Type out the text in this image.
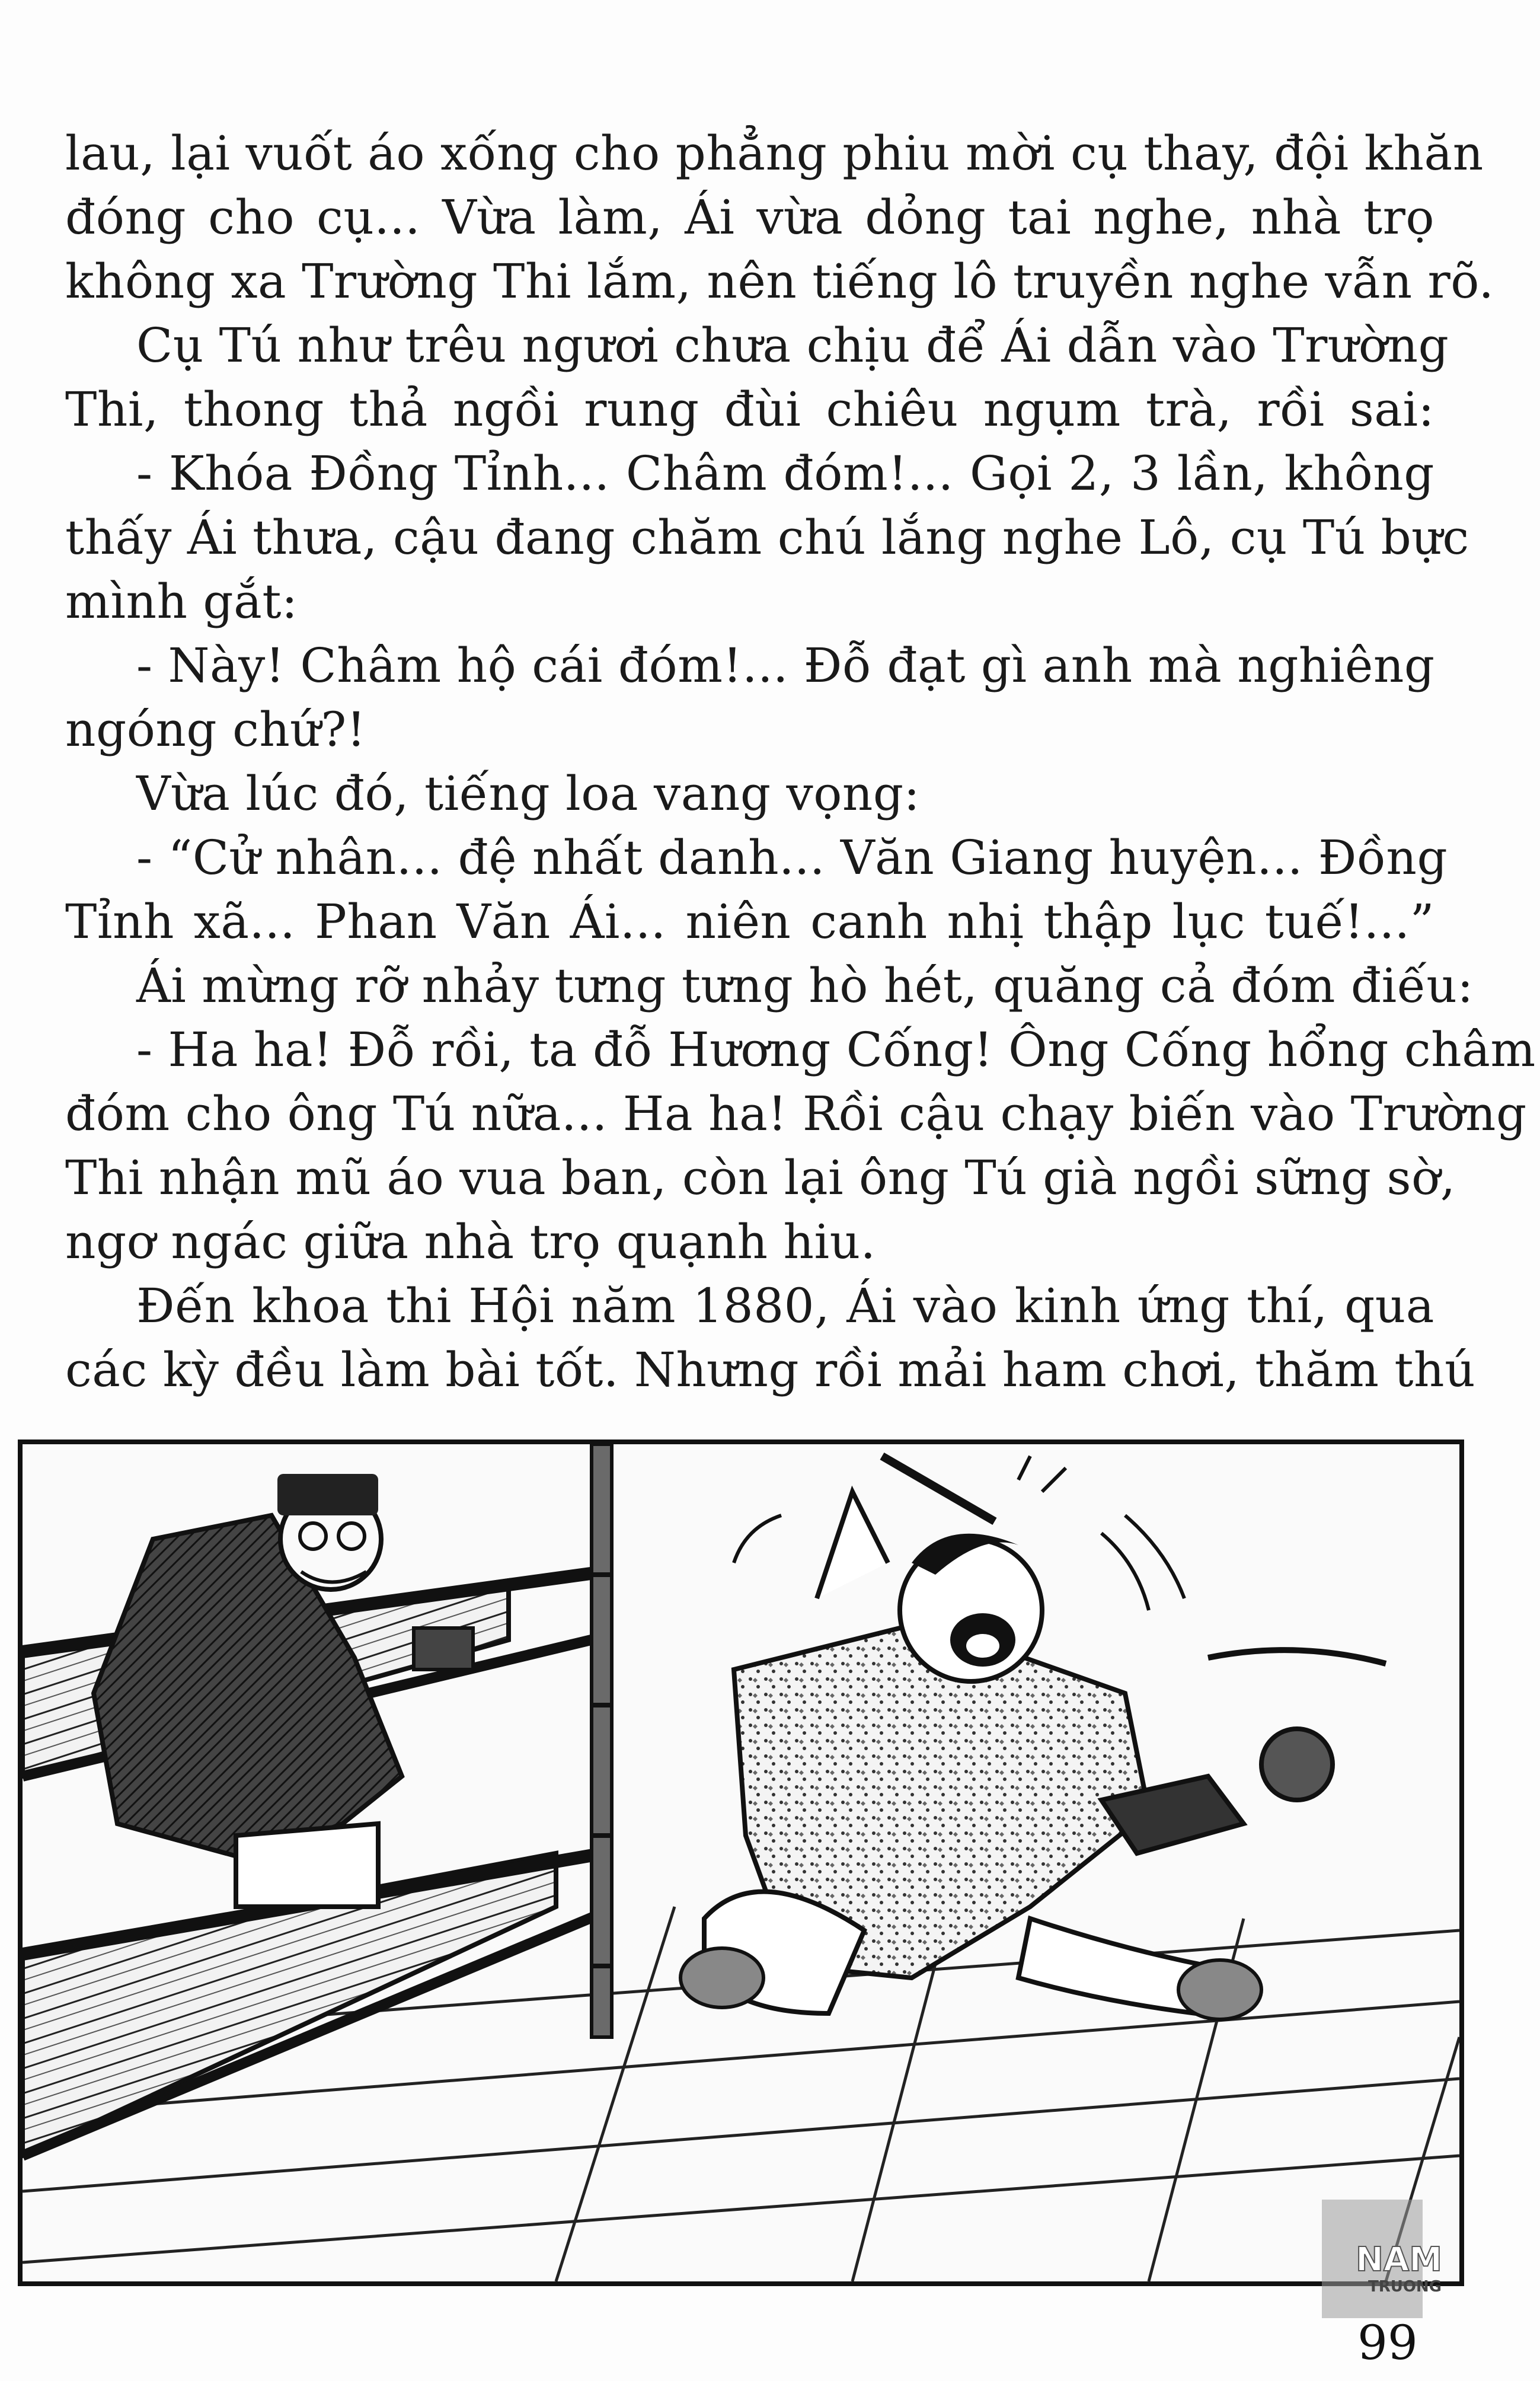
lau, lại vuốt áo xống cho phẳng phiu mời cụ thay, đội khăn
đóng cho cụ... Vừa làm, Ái vừa dỏng tai nghe, nhà trọ
không xa Trường Thi lắm, nên tiếng lô truyền nghe vẫn rõ.
Cụ Tú như trêu ngươi chưa chịu để Ái dẫn vào Trường
Thi, thong thả ngồi rung đùi chiêu ngụm trà, rồi sai:
- Khóa Đồng Tỉnh... Châm đóm!... Gọi 2, 3 lần, không
thấy Ái thưa, cậu đang chăm chú lắng nghe Lô, cụ Tú bực
mình gắt:
- Này! Châm hộ cái đóm!... Đỗ đạt gì anh mà nghiêng
ngóng chứ?!
Vừa lúc đó, tiếng loa vang vọng:
- “Cử nhân... đệ nhất danh... Văn Giang huyện... Đồng
Tỉnh xã... Phan Văn Ái... niên canh nhị thập lục tuế!...”
Ái mừng rỡ nhảy tưng tưng hò hét, quăng cả đóm điếu:
- Ha ha! Đỗ rồi, ta đỗ Hương Cống! Ông Cống hổng châm
đóm cho ông Tú nữa... Ha ha! Rồi cậu chạy biến vào Trường
Thi nhận mũ áo vua ban, còn lại ông Tú già ngồi sững sờ,
ngơ ngác giữa nhà trọ quạnh hiu.
Đến khoa thi Hội năm 1880, Ái vào kinh ứng thí, qua
các kỳ đều làm bài tốt. Nhưng rồi mải ham chơi, thăm thú
NAM
TRUONG
99
